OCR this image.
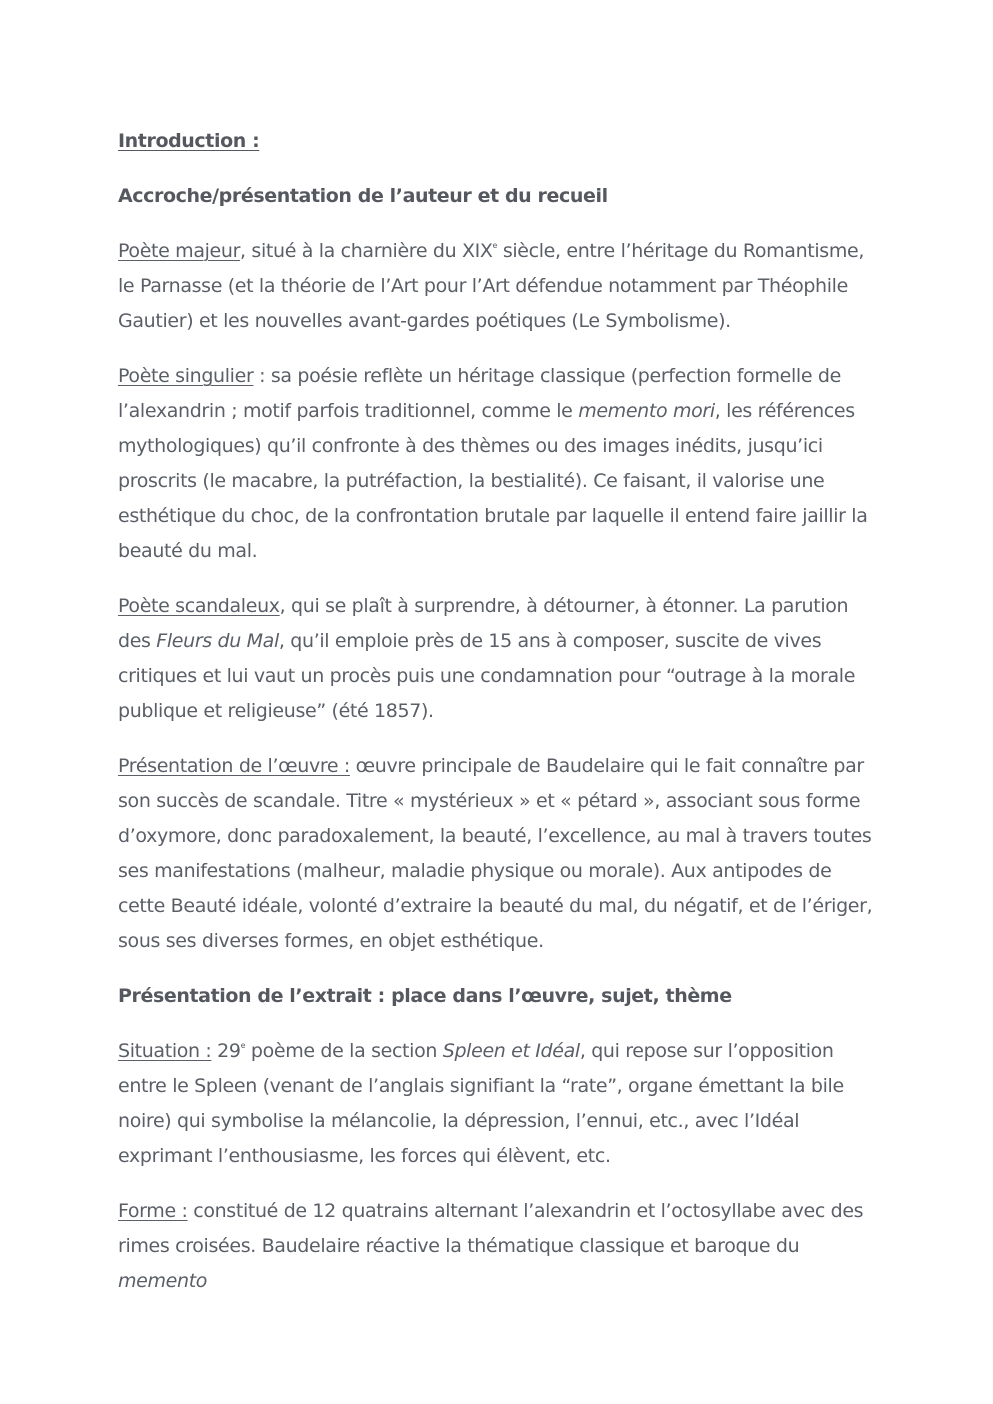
Introduction :

Accroche/présentation de l’auteur et du recueil

Poète majeur, situé à la charnière du XIXe siècle, entre l’héritage du Romantisme, le Parnasse (et la théorie de l’Art pour l’Art défendue notamment par Théophile Gautier) et les nouvelles avant-gardes poétiques (Le Symbolisme).

Poète singulier : sa poésie reflète un héritage classique (perfection formelle de l’alexandrin ; motif parfois traditionnel, comme le memento mori, les références mythologiques) qu’il confronte à des thèmes ou des images inédits, jusqu’ici proscrits (le macabre, la putréfaction, la bestialité). Ce faisant, il valorise une esthétique du choc, de la confrontation brutale par laquelle il entend faire jaillir la beauté du mal.

Poète scandaleux, qui se plaît à surprendre, à détourner, à étonner. La parution des Fleurs du Mal, qu’il emploie près de 15 ans à composer, suscite de vives critiques et lui vaut un procès puis une condamnation pour “outrage à la morale publique et religieuse” (été 1857).

Présentation de l’œuvre : œuvre principale de Baudelaire qui le fait connaître par son succès de scandale. Titre « mystérieux » et « pétard », associant sous forme d’oxymore, donc paradoxalement, la beauté, l’excellence, au mal à travers toutes ses manifestations (malheur, maladie physique ou morale). Aux antipodes de cette Beauté idéale, volonté d’extraire la beauté du mal, du négatif, et de l’ériger, sous ses diverses formes, en objet esthétique.

Présentation de l’extrait : place dans l’œuvre, sujet, thème

Situation : 29e poème de la section Spleen et Idéal, qui repose sur l’opposition entre le Spleen (venant de l’anglais signifiant la “rate”, organe émettant la bile noire) qui symbolise la mélancolie, la dépression, l’ennui, etc., avec l’Idéal exprimant l’enthousiasme, les forces qui élèvent, etc.

Forme : constitué de 12 quatrains alternant l’alexandrin et l’octosyllabe avec des rimes croisées. Baudelaire réactive la thématique classique et baroque du memento
